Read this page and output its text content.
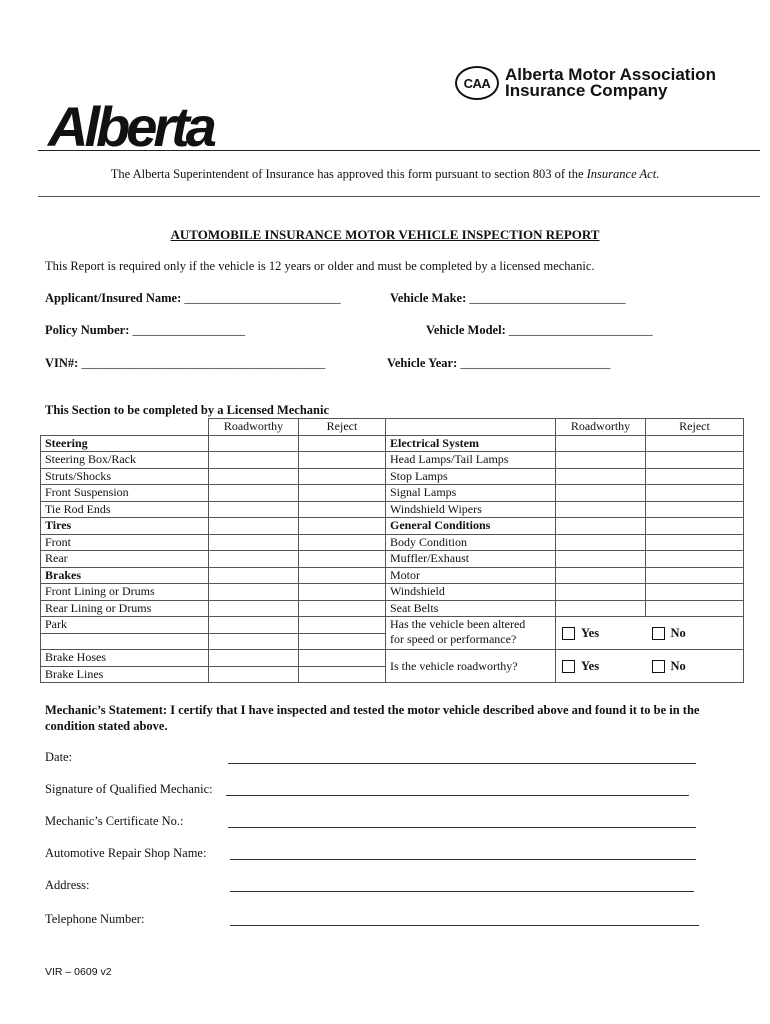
CAA Alberta Motor Association
Insurance Company
Alberta
The Alberta Superintendent of Insurance has approved this form pursuant to section 803 of the Insurance Act.
AUTOMOBILE INSURANCE MOTOR VEHICLE INSPECTION REPORT
This Report is required only if the vehicle is 12 years or older and must be completed by a licensed mechanic.
Applicant/Insured Name: _________________________	Vehicle Make: _________________________
Policy Number: __________________	Vehicle Model: _______________________
VIN#: _______________________________________	Vehicle Year: ________________________
This Section to be completed by a Licensed Mechanic
	Roadworthy	Reject		Roadworthy	Reject
Steering			Electrical System		
Steering Box/Rack			Head Lamps/Tail Lamps		
Struts/Shocks			Stop Lamps		
Front Suspension			Signal Lamps		
Tie Rod Ends			Windshield Wipers		
Tires			General Conditions		
Front			Body Condition		
Rear			Muffler/Exhaust		
Brakes			Motor		
Front Lining or Drums			Windshield		
Rear Lining or Drums			Seat Belts		
Park			Has the vehicle been altered
for speed or performance?	Yes	No

Brake Hoses			Is the vehicle roadworthy?	Yes	No
Brake Lines					
Mechanic’s Statement: I certify that I have inspected and tested the motor vehicle described above and found it to be in the condition stated above.
Date:
Signature of Qualified Mechanic:
Mechanic’s Certificate No.:
Automotive Repair Shop Name:
Address:
Telephone Number:
VIR – 0609 v2
